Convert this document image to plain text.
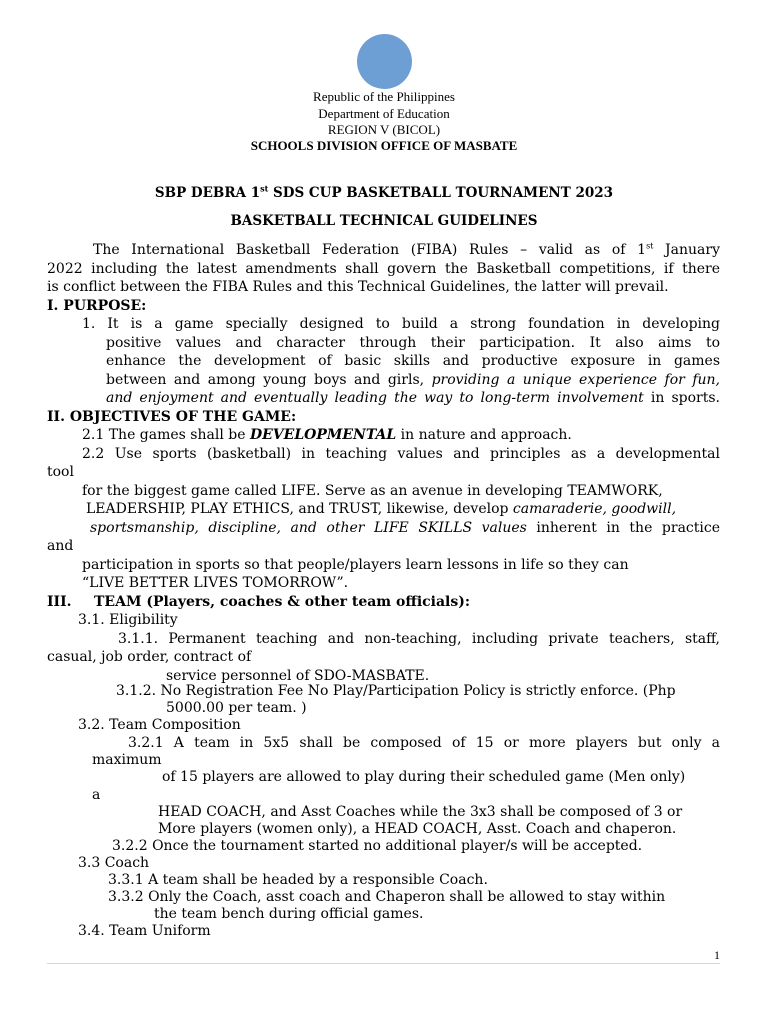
Republic of the Philippines
Department of Education
REGION V (BICOL)
SCHOOLS DIVISION OFFICE OF MASBATE
SBP DEBRA 1st SDS CUP BASKETBALL TOURNAMENT 2023
BASKETBALL TECHNICAL GUIDELINES
The International Basketball Federation (FIBA) Rules – valid as of 1st January
2022 including the latest amendments shall govern the Basketball competitions, if there
is conflict between the FIBA Rules and this Technical Guidelines, the latter will prevail.
I. PURPOSE:
1. It is a game specially designed to build a strong foundation in developing
positive values and character through their participation. It also aims to
enhance the development of basic skills and productive exposure in games
between and among young boys and girls, providing a unique experience for fun,
and enjoyment and eventually leading the way to long-term involvement in sports.
II. OBJECTIVES OF THE GAME:
2.1 The games shall be DEVELOPMENTAL in nature and approach.
2.2 Use sports (basketball) in teaching values and principles as a developmental
tool
for the biggest game called LIFE. Serve as an avenue in developing TEAMWORK,
LEADERSHIP, PLAY ETHICS, and TRUST, likewise, develop camaraderie, goodwill,
sportsmanship, discipline, and other LIFE SKILLS values inherent in the practice
and
participation in sports so that people/players learn lessons in life so they can
“LIVE BETTER LIVES TOMORROW”.
III.	TEAM (Players, coaches & other team officials):
3.1. Eligibility
3.1.1. Permanent teaching and non-teaching, including private teachers, staff,
casual, job order, contract of
service personnel of SDO-MASBATE.
3.1.2. No Registration Fee No Play/Participation Policy is strictly enforce. (Php
5000.00 per team. )
3.2. Team Composition
3.2.1 A team in 5x5 shall be composed of 15 or more players but only a
maximum
of 15 players are allowed to play during their scheduled game (Men only)
a
HEAD COACH, and Asst Coaches while the 3x3 shall be composed of 3 or
More players (women only), a HEAD COACH, Asst. Coach and chaperon.
3.2.2 Once the tournament started no additional player/s will be accepted.
3.3 Coach
3.3.1 A team shall be headed by a responsible Coach.
3.3.2 Only the Coach, asst coach and Chaperon shall be allowed to stay within
the team bench during official games.
3.4. Team Uniform
1
